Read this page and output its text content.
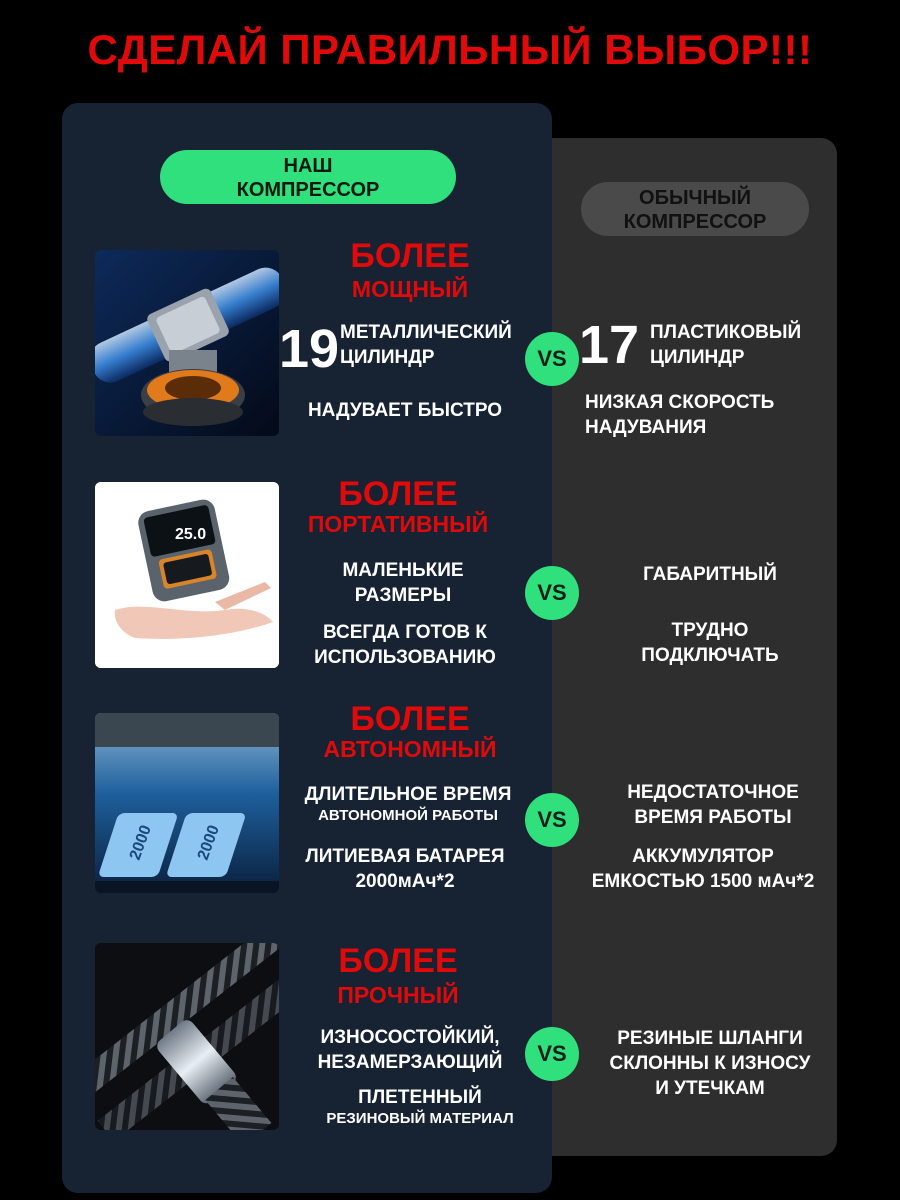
СДЕЛАЙ ПРАВИЛЬНЫЙ ВЫБОР!!!
НАШ
КОМПРЕССОР	ОБЫЧНЫЙ
КОМПРЕССОР
БОЛЕЕ
МОЩНЫЙ
19 МЕТАЛЛИЧЕСКИЙ
ЦИЛИНДР
НАДУВАЕТ БЫСТРО
VS 17 ПЛАСТИКОВЫЙ
ЦИЛИНДР
НИЗКАЯ СКОРОСТЬ
НАДУВАНИЯ
25.0
БОЛЕЕ
ПОРТАТИВНЫЙ
МАЛЕНЬКИЕ
РАЗМЕРЫ
ВСЕГДА ГОТОВ К
ИСПОЛЬЗОВАНИЮ
VS
ГАБАРИТНЫЙ
ТРУДНО
ПОДКЛЮЧАТЬ
2000 2000
БОЛЕЕ
АВТОНОМНЫЙ
ДЛИТЕЛЬНОЕ ВРЕМЯ
АВТОНОМНОЙ РАБОТЫ
ЛИТИЕВАЯ БАТАРЕЯ
2000мАч*2
VS
НЕДОСТАТОЧНОЕ
ВРЕМЯ РАБОТЫ
АККУМУЛЯТОР
ЕМКОСТЬЮ 1500 мАч*2
БОЛЕЕ
ПРОЧНЫЙ
ИЗНОСОСТОЙКИЙ,
НЕЗАМЕРЗАЮЩИЙ
ПЛЕТЕННЫЙ
РЕЗИНОВЫЙ МАТЕРИАЛ
VS
РЕЗИНЫЕ ШЛАНГИ
СКЛОННЫ К ИЗНОСУ
И УТЕЧКАМ
